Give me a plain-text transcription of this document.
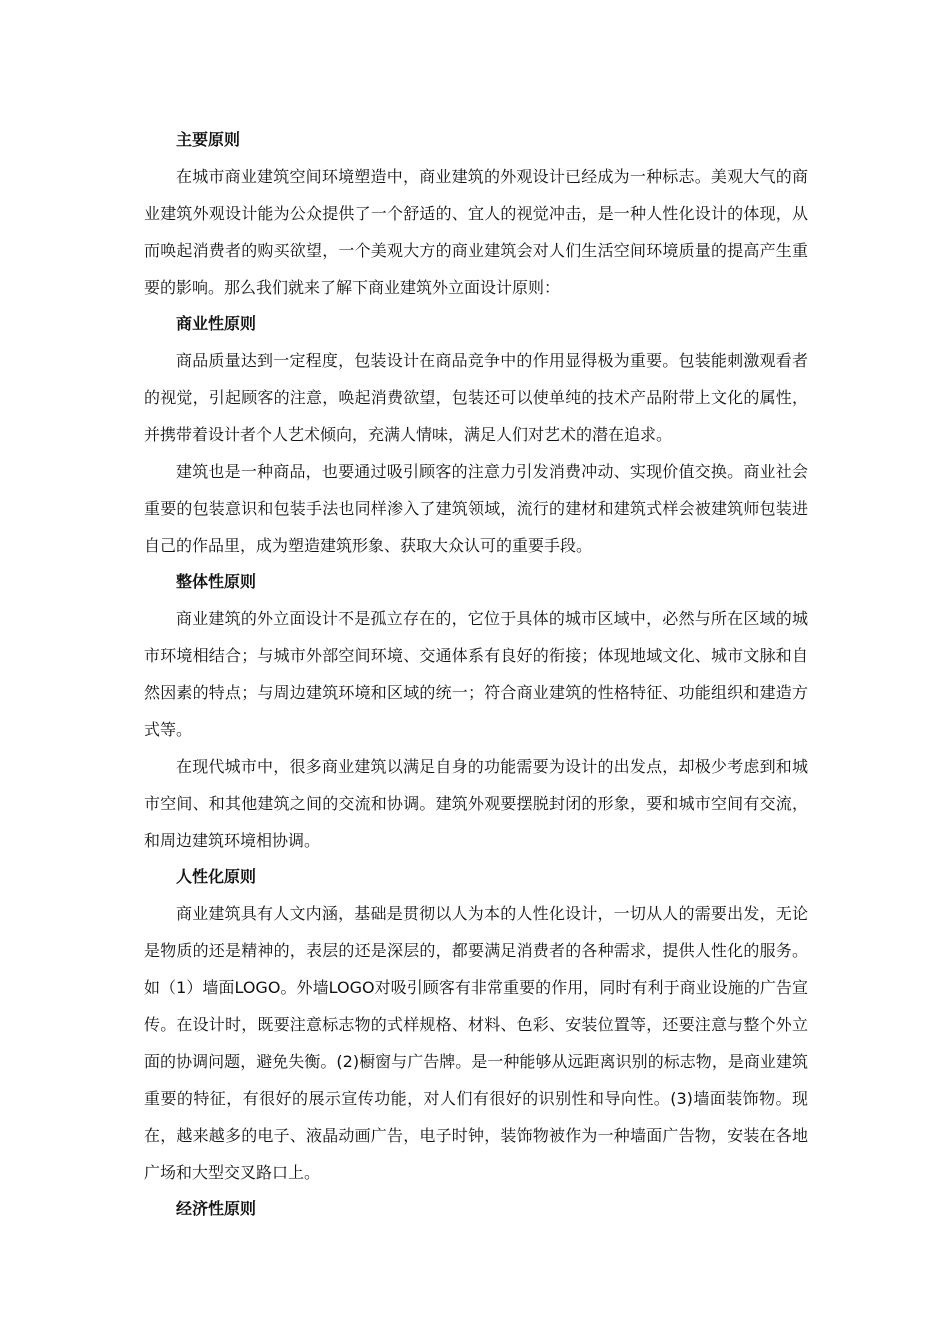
主要原则

在城市商业建筑空间环境塑造中，商业建筑的外观设计已经成为一种标志。美观大气的商业建筑外观设计能为公众提供了一个舒适的、宜人的视觉冲击，是一种人性化设计的体现，从而唤起消费者的购买欲望，一个美观大方的商业建筑会对人们生活空间环境质量的提高产生重要的影响。那么我们就来了解下商业建筑外立面设计原则：

商业性原则

商品质量达到一定程度，包装设计在商品竞争中的作用显得极为重要。包装能刺激观看者的视觉，引起顾客的注意，唤起消费欲望，包装还可以使单纯的技术产品附带上文化的属性，并携带着设计者个人艺术倾向，充满人情味，满足人们对艺术的潜在追求。

建筑也是一种商品，也要通过吸引顾客的注意力引发消费冲动、实现价值交换。商业社会重要的包装意识和包装手法也同样渗入了建筑领域，流行的建材和建筑式样会被建筑师包装进自己的作品里，成为塑造建筑形象、获取大众认可的重要手段。

整体性原则

商业建筑的外立面设计不是孤立存在的，它位于具体的城市区域中，必然与所在区域的城市环境相结合；与城市外部空间环境、交通体系有良好的衔接；体现地域文化、城市文脉和自然因素的特点；与周边建筑环境和区域的统一；符合商业建筑的性格特征、功能组织和建造方式等。

在现代城市中，很多商业建筑以满足自身的功能需要为设计的出发点，却极少考虑到和城市空间、和其他建筑之间的交流和协调。建筑外观要摆脱封闭的形象，要和城市空间有交流，和周边建筑环境相协调。

人性化原则

商业建筑具有人文内涵，基础是贯彻以人为本的人性化设计，一切从人的需要出发，无论是物质的还是精神的，表层的还是深层的，都要满足消费者的各种需求，提供人性化的服务。如（1）墙面LOGO。外墙LOGO对吸引顾客有非常重要的作用，同时有利于商业设施的广告宣传。在设计时，既要注意标志物的式样规格、材料、色彩、安装位置等，还要注意与整个外立面的协调问题，避免失衡。(2)橱窗与广告牌。是一种能够从远距离识别的标志物，是商业建筑重要的特征，有很好的展示宣传功能，对人们有很好的识别性和导向性。(3)墙面装饰物。现在，越来越多的电子、液晶动画广告，电子时钟，装饰物被作为一种墙面广告物，安装在各地广场和大型交叉路口上。

经济性原则
